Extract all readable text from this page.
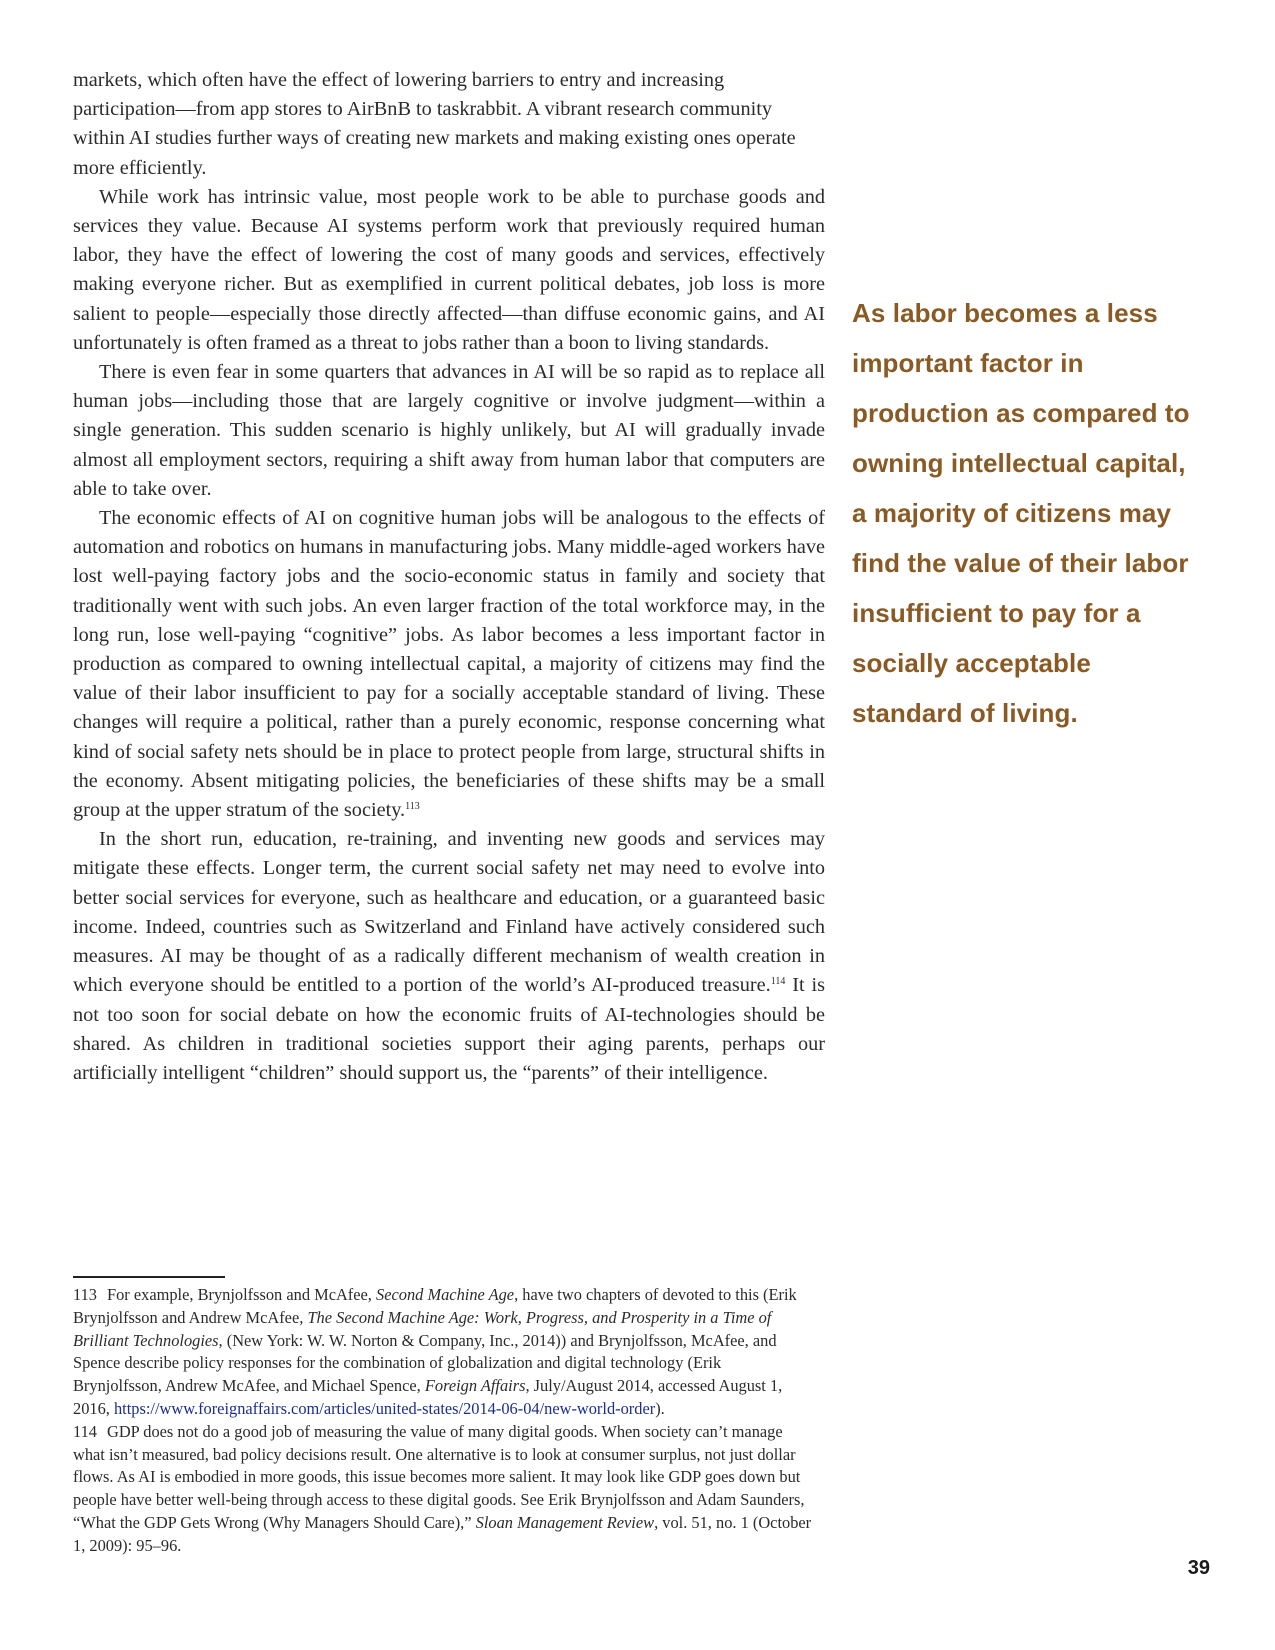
markets, which often have the effect of lowering barriers to entry and increasing participation—from app stores to AirBnB to taskrabbit. A vibrant research community within AI studies further ways of creating new markets and making existing ones operate more efficiently.

While work has intrinsic value, most people work to be able to purchase goods and services they value. Because AI systems perform work that previously required human labor, they have the effect of lowering the cost of many goods and services, effectively making everyone richer. But as exemplified in current political debates, job loss is more salient to people—especially those directly affected—than diffuse economic gains, and AI unfortunately is often framed as a threat to jobs rather than a boon to living standards.

There is even fear in some quarters that advances in AI will be so rapid as to replace all human jobs—including those that are largely cognitive or involve judgment—within a single generation. This sudden scenario is highly unlikely, but AI will gradually invade almost all employment sectors, requiring a shift away from human labor that computers are able to take over.

The economic effects of AI on cognitive human jobs will be analogous to the effects of automation and robotics on humans in manufacturing jobs. Many middle-aged workers have lost well-paying factory jobs and the socio-economic status in family and society that traditionally went with such jobs. An even larger fraction of the total workforce may, in the long run, lose well-paying “cognitive” jobs. As labor becomes a less important factor in production as compared to owning intellectual capital, a majority of citizens may find the value of their labor insufficient to pay for a socially acceptable standard of living. These changes will require a political, rather than a purely economic, response concerning what kind of social safety nets should be in place to protect people from large, structural shifts in the economy. Absent mitigating policies, the beneficiaries of these shifts may be a small group at the upper stratum of the society.$^{113}$

In the short run, education, re-training, and inventing new goods and services may mitigate these effects. Longer term, the current social safety net may need to evolve into better social services for everyone, such as healthcare and education, or a guaranteed basic income. Indeed, countries such as Switzerland and Finland have actively considered such measures. AI may be thought of as a radically different mechanism of wealth creation in which everyone should be entitled to a portion of the world’s AI-produced treasure.$^{114}$ It is not too soon for social debate on how the economic fruits of AI-technologies should be shared. As children in traditional societies support their aging parents, perhaps our artificially intelligent “children” should support us, the “parents” of their intelligence.

As labor becomes a less important factor in production as compared to owning intellectual capital, a majority of citizens may find the value of their labor insufficient to pay for a socially acceptable standard of living.

113 For example, Brynjolfsson and McAfee, Second Machine Age, have two chapters of devoted to this (Erik Brynjolfsson and Andrew McAfee, The Second Machine Age: Work, Progress, and Prosperity in a Time of Brilliant Technologies, (New York: W. W. Norton & Company, Inc., 2014)) and Brynjolfsson, McAfee, and Spence describe policy responses for the combination of globalization and digital technology (Erik Brynjolfsson, Andrew McAfee, and Michael Spence, Foreign Affairs, July/August 2014, accessed August 1, 2016, https://www.foreignaffairs.com/articles/united-states/2014-06-04/new-world-order).

114 GDP does not do a good job of measuring the value of many digital goods. When society can’t manage what isn’t measured, bad policy decisions result. One alternative is to look at consumer surplus, not just dollar flows. As AI is embodied in more goods, this issue becomes more salient. It may look like GDP goes down but people have better well-being through access to these digital goods. See Erik Brynjolfsson and Adam Saunders, “What the GDP Gets Wrong (Why Managers Should Care),” Sloan Management Review, vol. 51, no. 1 (October 1, 2009): 95–96.

39
